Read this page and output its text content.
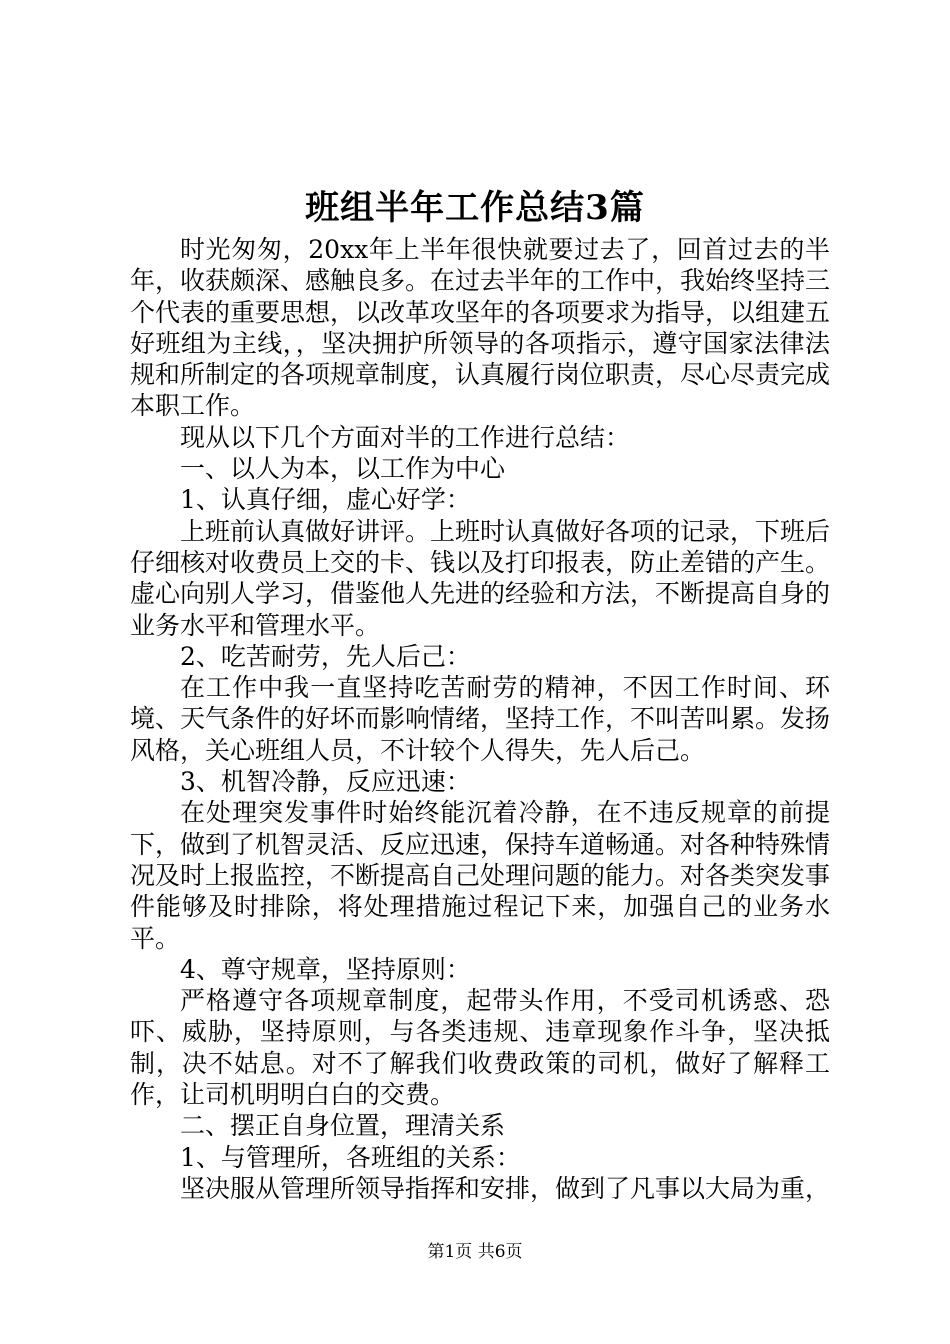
班组半年工作总结3篇

时光匆匆，20xx年上半年很快就要过去了，回首过去的半年，收获颇深、感触良多。在过去半年的工作中，我始终坚持三个代表的重要思想，以改革攻坚年的各项要求为指导，以组建五好班组为主线，，坚决拥护所领导的各项指示，遵守国家法律法规和所制定的各项规章制度，认真履行岗位职责，尽心尽责完成本职工作。

现从以下几个方面对半的工作进行总结：

一、以人为本，以工作为中心

1、认真仔细，虚心好学：

上班前认真做好讲评。上班时认真做好各项的记录，下班后仔细核对收费员上交的卡、钱以及打印报表，防止差错的产生。虚心向别人学习，借鉴他人先进的经验和方法，不断提高自身的业务水平和管理水平。

2、吃苦耐劳，先人后己：

在工作中我一直坚持吃苦耐劳的精神，不因工作时间、环境、天气条件的好坏而影响情绪，坚持工作，不叫苦叫累。发扬风格，关心班组人员，不计较个人得失，先人后己。

3、机智冷静，反应迅速：

在处理突发事件时始终能沉着冷静，在不违反规章的前提下，做到了机智灵活、反应迅速，保持车道畅通。对各种特殊情况及时上报监控，不断提高自己处理问题的能力。对各类突发事件能够及时排除，将处理措施过程记下来，加强自己的业务水平。

4、尊守规章，坚持原则：

严格遵守各项规章制度，起带头作用，不受司机诱惑、恐吓、威胁，坚持原则，与各类违规、违章现象作斗争，坚决抵制，决不姑息。对不了解我们收费政策的司机，做好了解释工作，让司机明明白白的交费。

二、摆正自身位置，理清关系

1、与管理所，各班组的关系：

坚决服从管理所领导指挥和安排，做到了凡事以大局为重，

第1页 共6页
